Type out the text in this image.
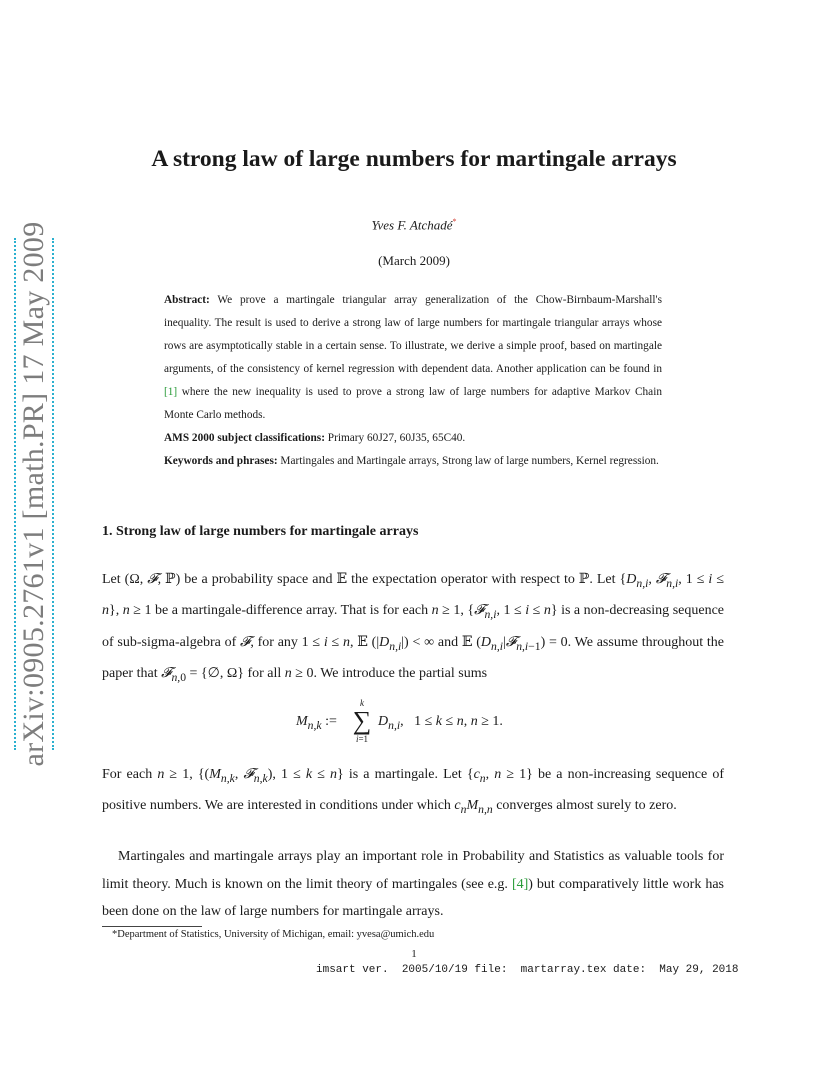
arXiv:0905.2761v1 [math.PR] 17 May 2009
A strong law of large numbers for martingale arrays
Yves F. Atchadé*
(March 2009)

Abstract: We prove a martingale triangular array generalization of the Chow-Birnbaum-Marshall's inequality. The result is used to derive a strong law of large numbers for martingale triangular arrays whose rows are asymptotically stable in a certain sense. To illustrate, we derive a simple proof, based on martingale arguments, of the consistency of kernel regression with dependent data. Another application can be found in [1] where the new inequality is used to prove a strong law of large numbers for adaptive Markov Chain Monte Carlo methods.

AMS 2000 subject classifications: Primary 60J27, 60J35, 65C40.

Keywords and phrases: Martingales and Martingale arrays, Strong law of large numbers, Kernel regression.

1. Strong law of large numbers for martingale arrays

Let (Ω, 𝓕, ℙ) be a probability space and 𝔼 the expectation operator with respect to ℙ. Let {$D_{n,i}$, 𝓕$_{n,i}$, 1 ≤ i ≤ n}, n ≥ 1 be a martingale-difference array. That is for each n ≥ 1, {𝓕$_{n,i}$, 1 ≤ i ≤ n} is a non-decreasing sequence of sub-sigma-algebra of 𝓕, for any 1 ≤ i ≤ n, 𝔼 $(|D_{n,i}|)$ < ∞ and 𝔼 $(D_{n,i}|𝓕_{n,i-1}) = 0$. We assume throughout the paper that 𝓕$_{n,0}$ = {∅, Ω} for all n ≥ 0. We introduce the partial sums

$M_{n,k}$ :=
k
∑
i=1
$D_{n,i}$,   1 ≤ k ≤ n, n ≥ 1.

For each n ≥ 1, {($M_{n,k}$, 𝓕$_{n,k}$), 1 ≤ k ≤ n} is a martingale. Let {$c_n$, n ≥ 1} be a non-increasing sequence of positive numbers. We are interested in conditions under which $c_nM_{n,n}$ converges almost surely to zero.

Martingales and martingale arrays play an important role in Probability and Statistics as valuable tools for limit theory. Much is known on the limit theory of martingales (see e.g. [4]) but comparatively little work has been done on the law of large numbers for martingale arrays.

*Department of Statistics, University of Michigan, email: yvesa@umich.edu
1
imsart ver.  2005/10/19 file:  martarray.tex date:  May 29, 2018
